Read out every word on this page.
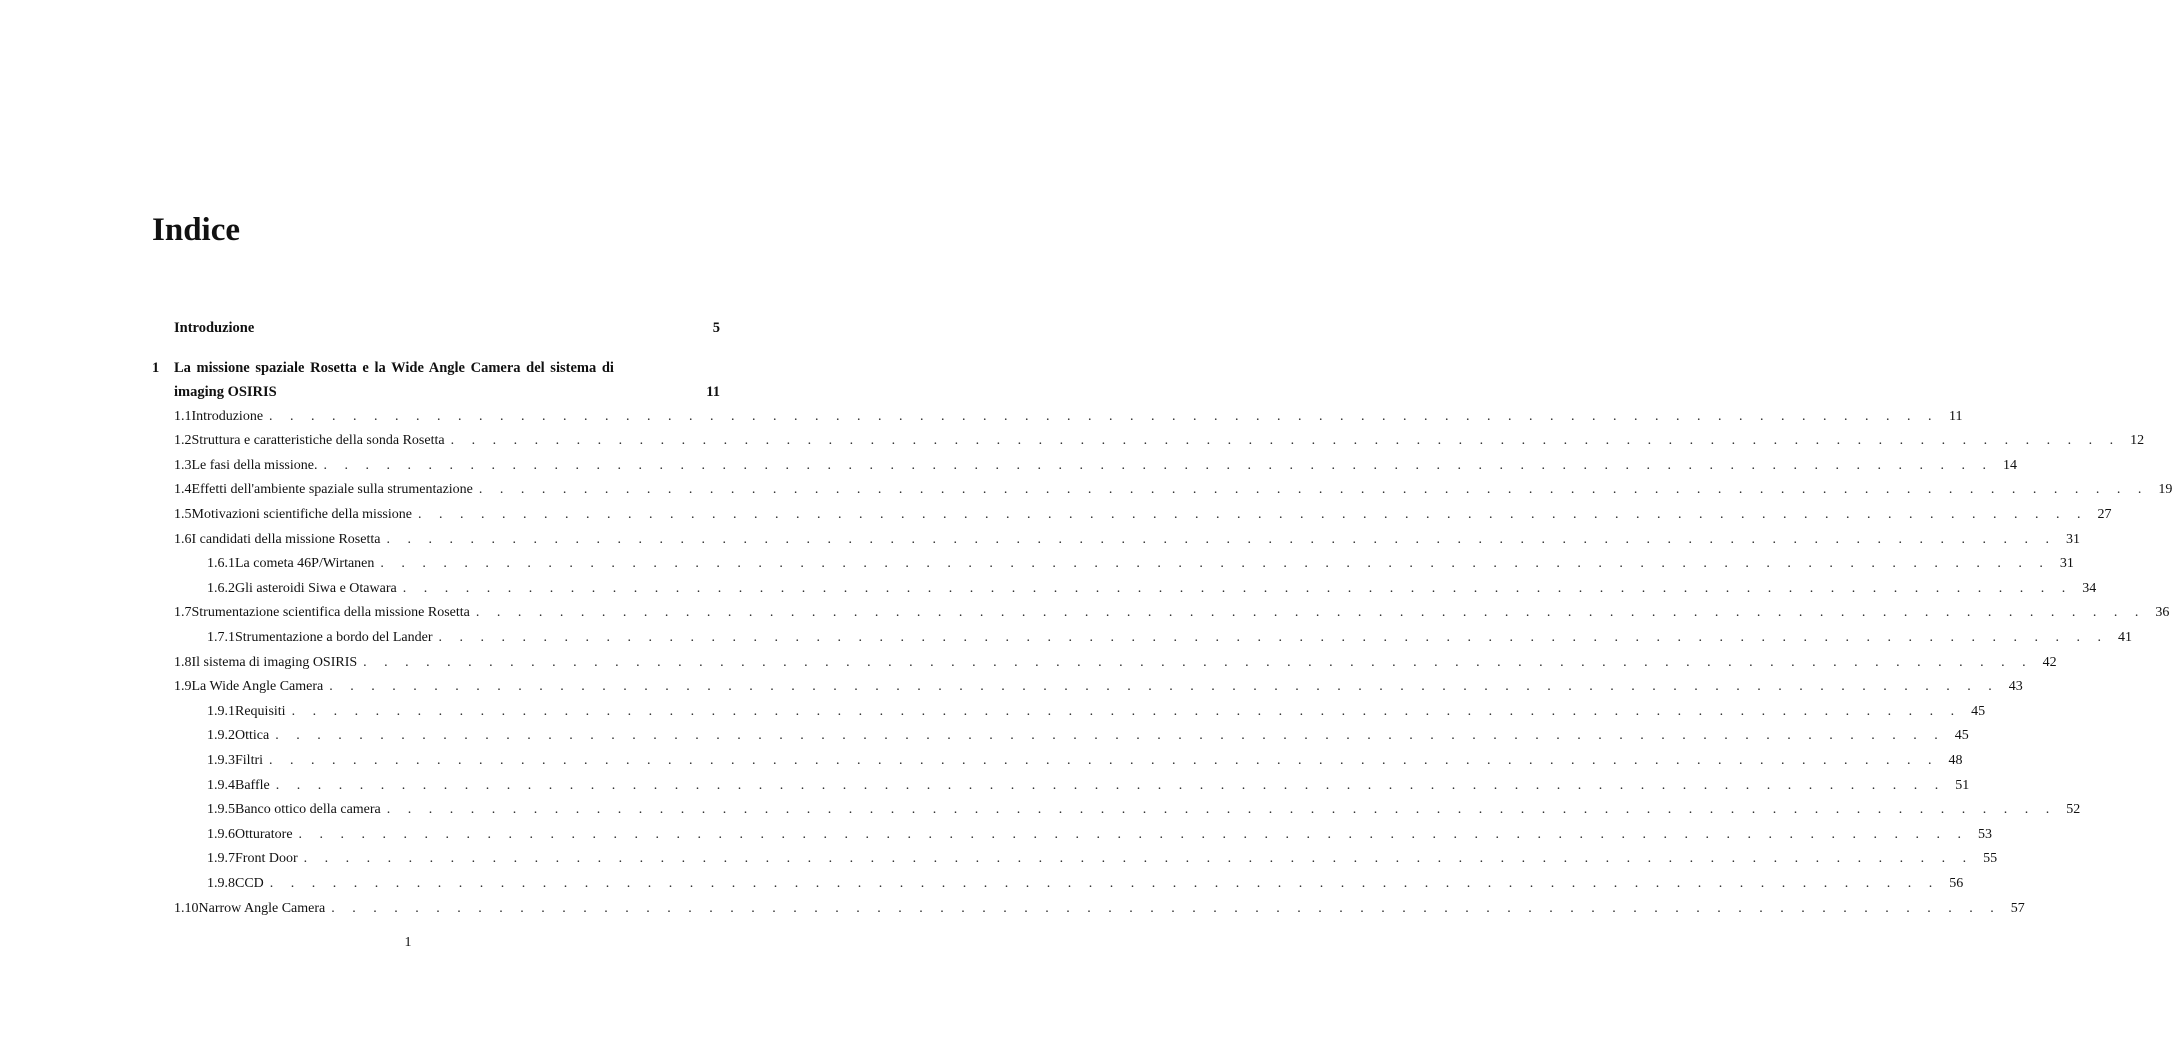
Indice
Introduzione	5
1	La missione spaziale Rosetta e la Wide Angle Camera del sistema di
imaging OSIRIS	11
1.1 Introduzione . . . . . . . . . . . . . . . . . . . . . . . . . . . . . . . . . . . . . . . . . . . . . . . . . . . . . . . . . . . . . . . . . . . . . . . . . . . . . . . . 11
1.2 Struttura e caratteristiche della sonda Rosetta . . . . . . . . . . . . . . . . . . . . . . . . . . . . . . . . . . . . . . . . . . . . . . . . . . . . . . . . . . . . . . . . . . . . . . . . . . . . . . . . 12
1.3 Le fasi della missione. . . . . . . . . . . . . . . . . . . . . . . . . . . . . . . . . . . . . . . . . . . . . . . . . . . . . . . . . . . . . . . . . . . . . . . . . . . . . . . . . 14
1.4 Effetti dell'ambiente spaziale sulla strumentazione . . . . . . . . . . . . . . . . . . . . . . . . . . . . . . . . . . . . . . . . . . . . . . . . . . . . . . . . . . . . . . . . . . . . . . . . . . . . . . . . 19
1.5 Motivazioni scientifiche della missione . . . . . . . . . . . . . . . . . . . . . . . . . . . . . . . . . . . . . . . . . . . . . . . . . . . . . . . . . . . . . . . . . . . . . . . . . . . . . . . . 27
1.6 I candidati della missione Rosetta . . . . . . . . . . . . . . . . . . . . . . . . . . . . . . . . . . . . . . . . . . . . . . . . . . . . . . . . . . . . . . . . . . . . . . . . . . . . . . . . 31
1.6.1 La cometa 46P/Wirtanen . . . . . . . . . . . . . . . . . . . . . . . . . . . . . . . . . . . . . . . . . . . . . . . . . . . . . . . . . . . . . . . . . . . . . . . . . . . . . . . . 31
1.6.2 Gli asteroidi Siwa e Otawara . . . . . . . . . . . . . . . . . . . . . . . . . . . . . . . . . . . . . . . . . . . . . . . . . . . . . . . . . . . . . . . . . . . . . . . . . . . . . . . . 34
1.7 Strumentazione scientifica della missione Rosetta . . . . . . . . . . . . . . . . . . . . . . . . . . . . . . . . . . . . . . . . . . . . . . . . . . . . . . . . . . . . . . . . . . . . . . . . . . . . . . . . 36
1.7.1 Strumentazione a bordo del Lander . . . . . . . . . . . . . . . . . . . . . . . . . . . . . . . . . . . . . . . . . . . . . . . . . . . . . . . . . . . . . . . . . . . . . . . . . . . . . . . . 41
1.8 Il sistema di imaging OSIRIS . . . . . . . . . . . . . . . . . . . . . . . . . . . . . . . . . . . . . . . . . . . . . . . . . . . . . . . . . . . . . . . . . . . . . . . . . . . . . . . . 42
1.9 La Wide Angle Camera . . . . . . . . . . . . . . . . . . . . . . . . . . . . . . . . . . . . . . . . . . . . . . . . . . . . . . . . . . . . . . . . . . . . . . . . . . . . . . . . 43
1.9.1 Requisiti . . . . . . . . . . . . . . . . . . . . . . . . . . . . . . . . . . . . . . . . . . . . . . . . . . . . . . . . . . . . . . . . . . . . . . . . . . . . . . . . 45
1.9.2 Ottica . . . . . . . . . . . . . . . . . . . . . . . . . . . . . . . . . . . . . . . . . . . . . . . . . . . . . . . . . . . . . . . . . . . . . . . . . . . . . . . . 45
1.9.3 Filtri . . . . . . . . . . . . . . . . . . . . . . . . . . . . . . . . . . . . . . . . . . . . . . . . . . . . . . . . . . . . . . . . . . . . . . . . . . . . . . . . 48
1.9.4 Baffle . . . . . . . . . . . . . . . . . . . . . . . . . . . . . . . . . . . . . . . . . . . . . . . . . . . . . . . . . . . . . . . . . . . . . . . . . . . . . . . . 51
1.9.5 Banco ottico della camera . . . . . . . . . . . . . . . . . . . . . . . . . . . . . . . . . . . . . . . . . . . . . . . . . . . . . . . . . . . . . . . . . . . . . . . . . . . . . . . . 52
1.9.6 Otturatore . . . . . . . . . . . . . . . . . . . . . . . . . . . . . . . . . . . . . . . . . . . . . . . . . . . . . . . . . . . . . . . . . . . . . . . . . . . . . . . . 53
1.9.7 Front Door . . . . . . . . . . . . . . . . . . . . . . . . . . . . . . . . . . . . . . . . . . . . . . . . . . . . . . . . . . . . . . . . . . . . . . . . . . . . . . . . 55
1.9.8 CCD . . . . . . . . . . . . . . . . . . . . . . . . . . . . . . . . . . . . . . . . . . . . . . . . . . . . . . . . . . . . . . . . . . . . . . . . . . . . . . . . 56
1.10 Narrow Angle Camera . . . . . . . . . . . . . . . . . . . . . . . . . . . . . . . . . . . . . . . . . . . . . . . . . . . . . . . . . . . . . . . . . . . . . . . . . . . . . . . . 57
1
